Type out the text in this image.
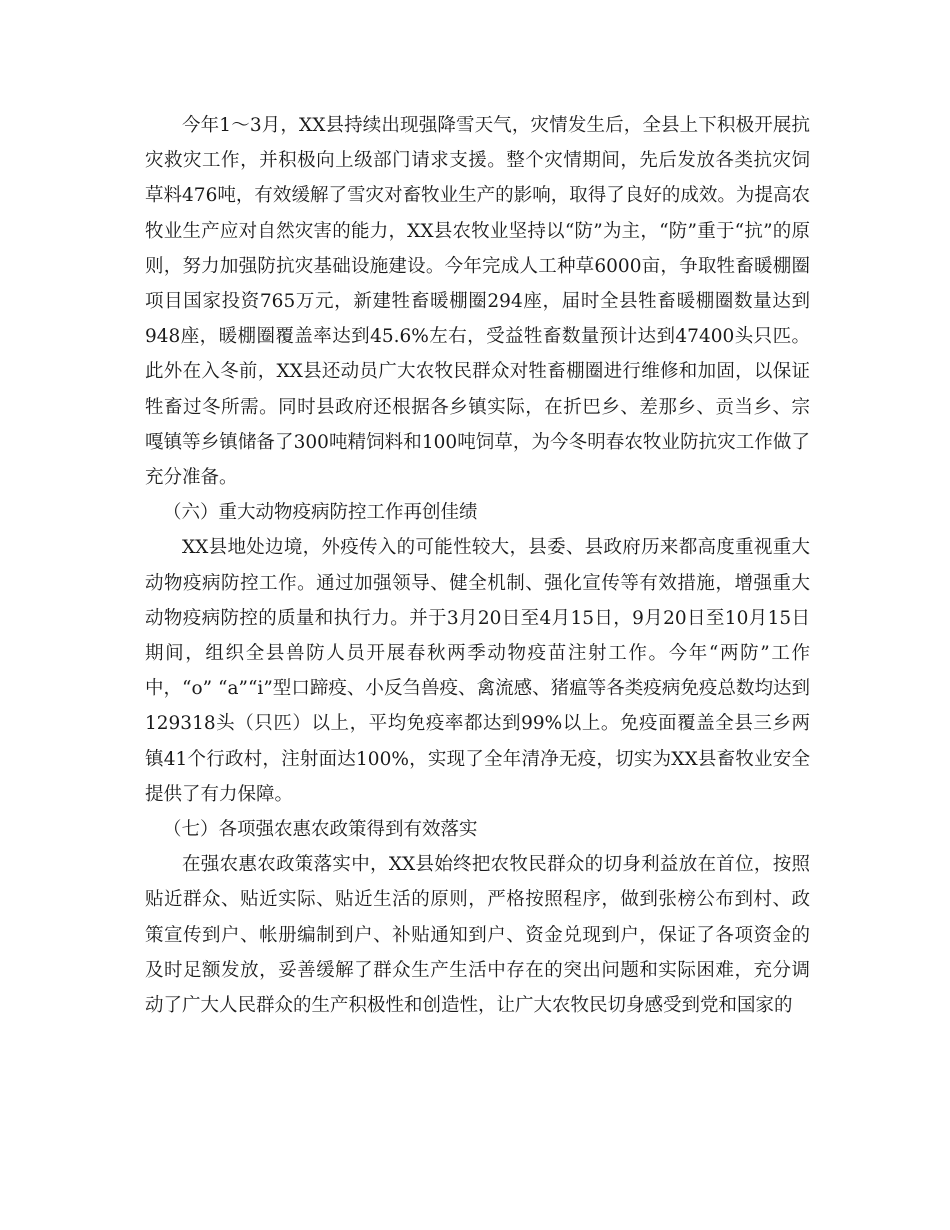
今年1～3月，XX县持续出现强降雪天气，灾情发生后，全县上下积极开展抗灾救灾工作，并积极向上级部门请求支援。整个灾情期间，先后发放各类抗灾饲草料476吨，有效缓解了雪灾对畜牧业生产的影响，取得了良好的成效。为提高农牧业生产应对自然灾害的能力，XX县农牧业坚持以“防”为主，“防”重于“抗”的原则，努力加强防抗灾基础设施建设。今年完成人工种草6000亩，争取牲畜暖棚圈项目国家投资765万元，新建牲畜暖棚圈294座，届时全县牲畜暖棚圈数量达到948座，暖棚圈覆盖率达到45.6%左右，受益牲畜数量预计达到47400头只匹。此外在入冬前，XX县还动员广大农牧民群众对牲畜棚圈进行维修和加固，以保证牲畜过冬所需。同时县政府还根据各乡镇实际，在折巴乡、差那乡、贡当乡、宗嘎镇等乡镇储备了300吨精饲料和100吨饲草，为今冬明春农牧业防抗灾工作做了充分准备。

（六）重大动物疫病防控工作再创佳绩

XX县地处边境，外疫传入的可能性较大，县委、县政府历来都高度重视重大动物疫病防控工作。通过加强领导、健全机制、强化宣传等有效措施，增强重大动物疫病防控的质量和执行力。并于3月20日至4月15日，9月20日至10月15日期间，组织全县兽防人员开展春秋两季动物疫苗注射工作。今年“两防”工作中，“o” “a”“i”型口蹄疫、小反刍兽疫、禽流感、猪瘟等各类疫病免疫总数均达到129318头（只匹）以上，平均免疫率都达到99%以上。免疫面覆盖全县三乡两镇41个行政村，注射面达100%，实现了全年清净无疫，切实为XX县畜牧业安全提供了有力保障。

（七）各项强农惠农政策得到有效落实

在强农惠农政策落实中，XX县始终把农牧民群众的切身利益放在首位，按照贴近群众、贴近实际、贴近生活的原则，严格按照程序，做到张榜公布到村、政策宣传到户、帐册编制到户、补贴通知到户、资金兑现到户，保证了各项资金的及时足额发放，妥善缓解了群众生产生活中存在的突出问题和实际困难，充分调动了广大人民群众的生产积极性和创造性，让广大农牧民切身感受到党和国家的
